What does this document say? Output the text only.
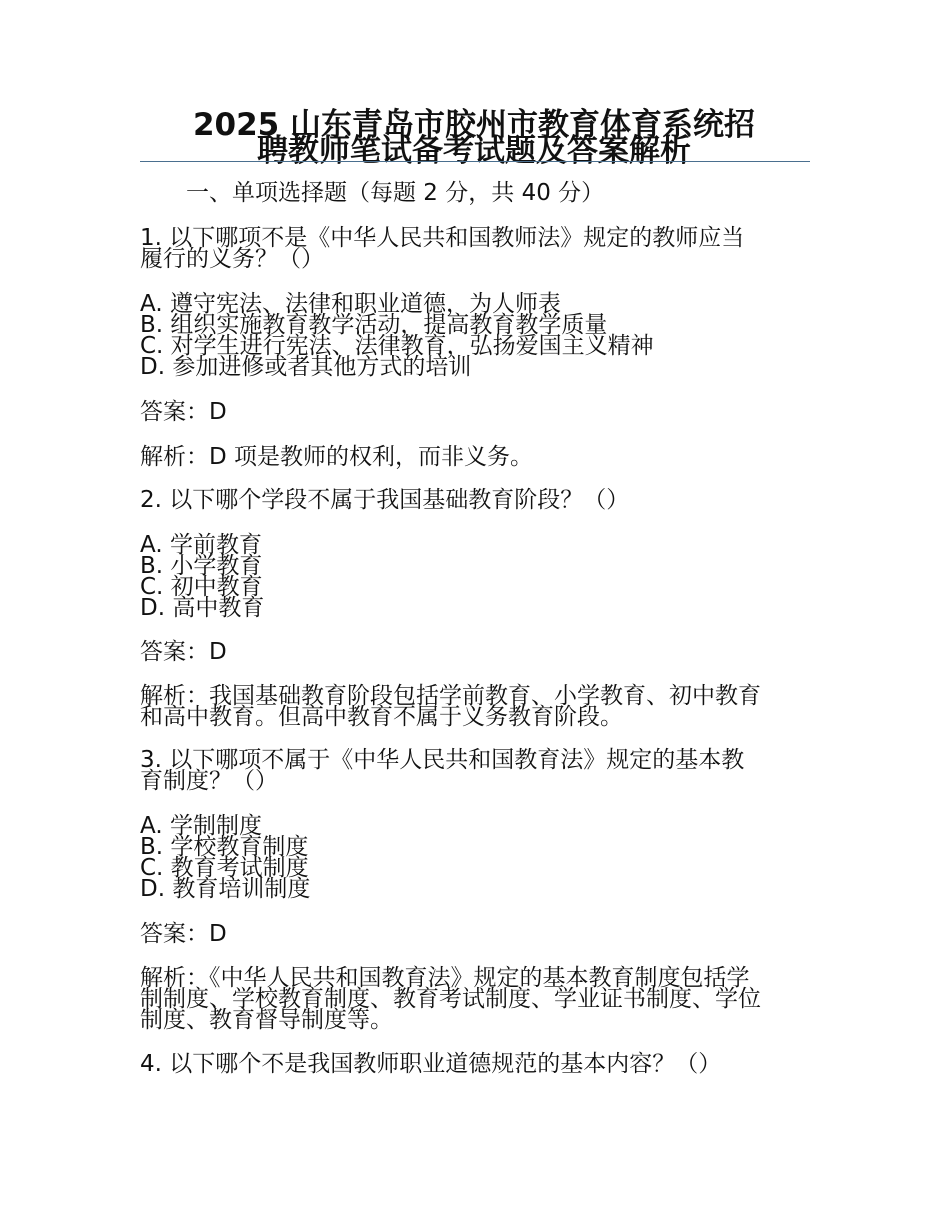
2025 山东青岛市胶州市教育体育系统招
聘教师笔试备考试题及答案解析
一、单项选择题（每题 2 分，共 40 分）
1. 以下哪项不是《中华人民共和国教师法》规定的教师应当
履行的义务？（）
A. 遵守宪法、法律和职业道德，为人师表
B. 组织实施教育教学活动，提高教育教学质量
C. 对学生进行宪法、法律教育，弘扬爱国主义精神
D. 参加进修或者其他方式的培训
答案：D
解析：D 项是教师的权利，而非义务。
2. 以下哪个学段不属于我国基础教育阶段？（）
A. 学前教育
B. 小学教育
C. 初中教育
D. 高中教育
答案：D
解析：我国基础教育阶段包括学前教育、小学教育、初中教育
和高中教育。但高中教育不属于义务教育阶段。
3. 以下哪项不属于《中华人民共和国教育法》规定的基本教
育制度？（）
A. 学制制度
B. 学校教育制度
C. 教育考试制度
D. 教育培训制度
答案：D
解析：《中华人民共和国教育法》规定的基本教育制度包括学
制制度、学校教育制度、教育考试制度、学业证书制度、学位
制度、教育督导制度等。
4. 以下哪个不是我国教师职业道德规范的基本内容？（）
